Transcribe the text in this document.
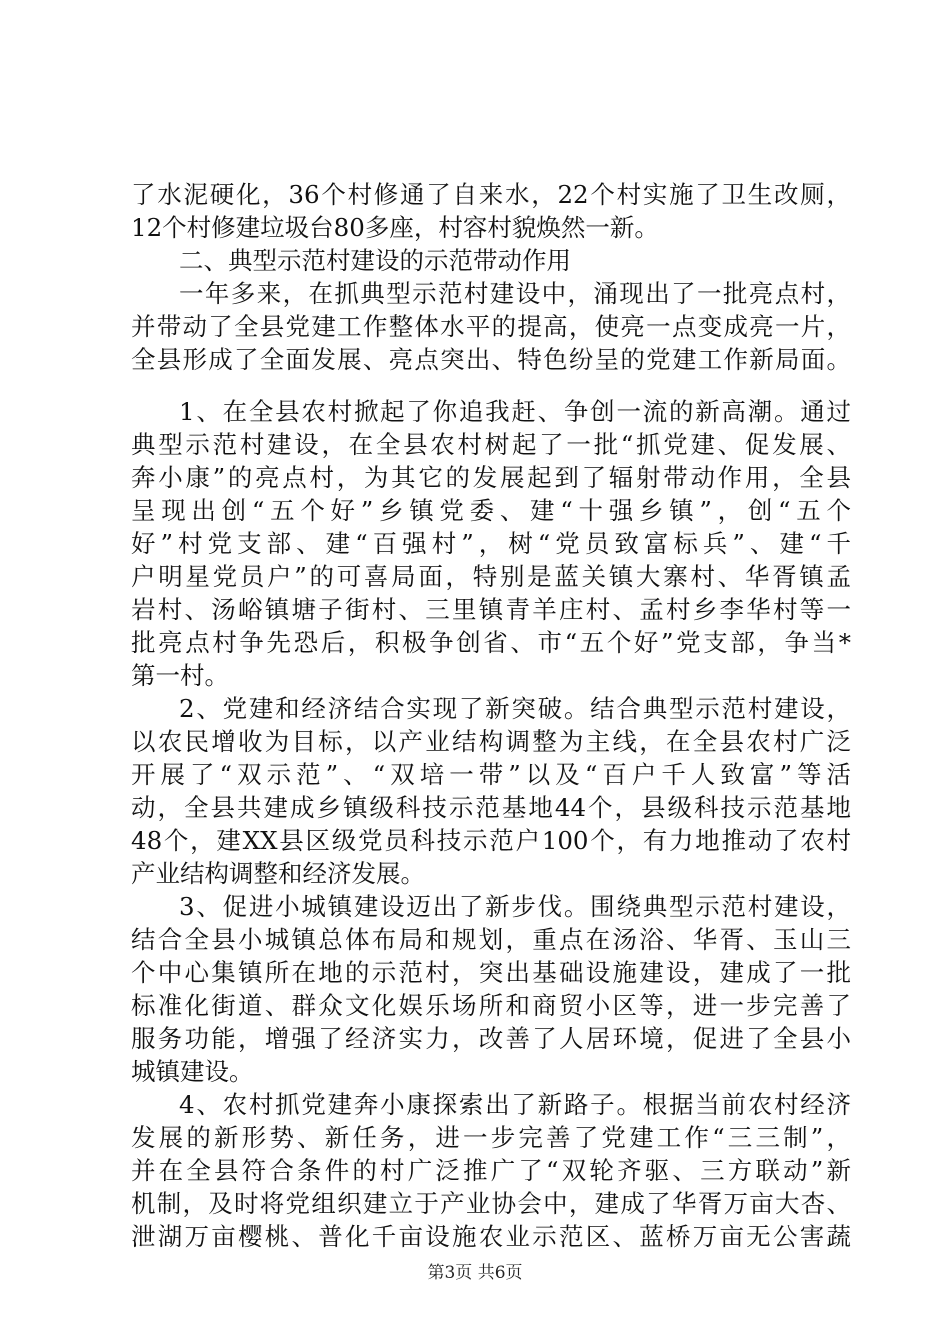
了水泥硬化，36个村修通了自来水，22个村实施了卫生改厕，
12个村修建垃圾台80多座，村容村貌焕然一新。
二、典型示范村建设的示范带动作用
一年多来，在抓典型示范村建设中，涌现出了一批亮点村，
并带动了全县党建工作整体水平的提高，使亮一点变成亮一片，
全县形成了全面发展、亮点突出、特色纷呈的党建工作新局面。
1、在全县农村掀起了你追我赶、争创一流的新高潮。通过
典型示范村建设，在全县农村树起了一批“抓党建、促发展、
奔小康”的亮点村，为其它的发展起到了辐射带动作用，全县
呈现出创“五个好”乡镇党委、建“十强乡镇”，创“五个
好”村党支部、建“百强村”，树“党员致富标兵”、建“千
户明星党员户”的可喜局面，特别是蓝关镇大寨村、华胥镇孟
岩村、汤峪镇塘子街村、三里镇青羊庄村、孟村乡李华村等一
批亮点村争先恐后，积极争创省、市“五个好”党支部，争当*
第一村。
2、党建和经济结合实现了新突破。结合典型示范村建设，
以农民增收为目标，以产业结构调整为主线，在全县农村广泛
开展了“双示范”、“双培一带”以及“百户千人致富”等活
动，全县共建成乡镇级科技示范基地44个，县级科技示范基地
48个，建XX县区级党员科技示范户100个，有力地推动了农村
产业结构调整和经济发展。
3、促进小城镇建设迈出了新步伐。围绕典型示范村建设，
结合全县小城镇总体布局和规划，重点在汤浴、华胥、玉山三
个中心集镇所在地的示范村，突出基础设施建设，建成了一批
标准化街道、群众文化娱乐场所和商贸小区等，进一步完善了
服务功能，增强了经济实力，改善了人居环境，促进了全县小
城镇建设。
4、农村抓党建奔小康探索出了新路子。根据当前农村经济
发展的新形势、新任务，进一步完善了党建工作“三三制”，
并在全县符合条件的村广泛推广了“双轮齐驱、三方联动”新
机制，及时将党组织建立于产业协会中，建成了华胥万亩大杏、
泄湖万亩樱桃、普化千亩设施农业示范区、蓝桥万亩无公害蔬
第3页 共6页
